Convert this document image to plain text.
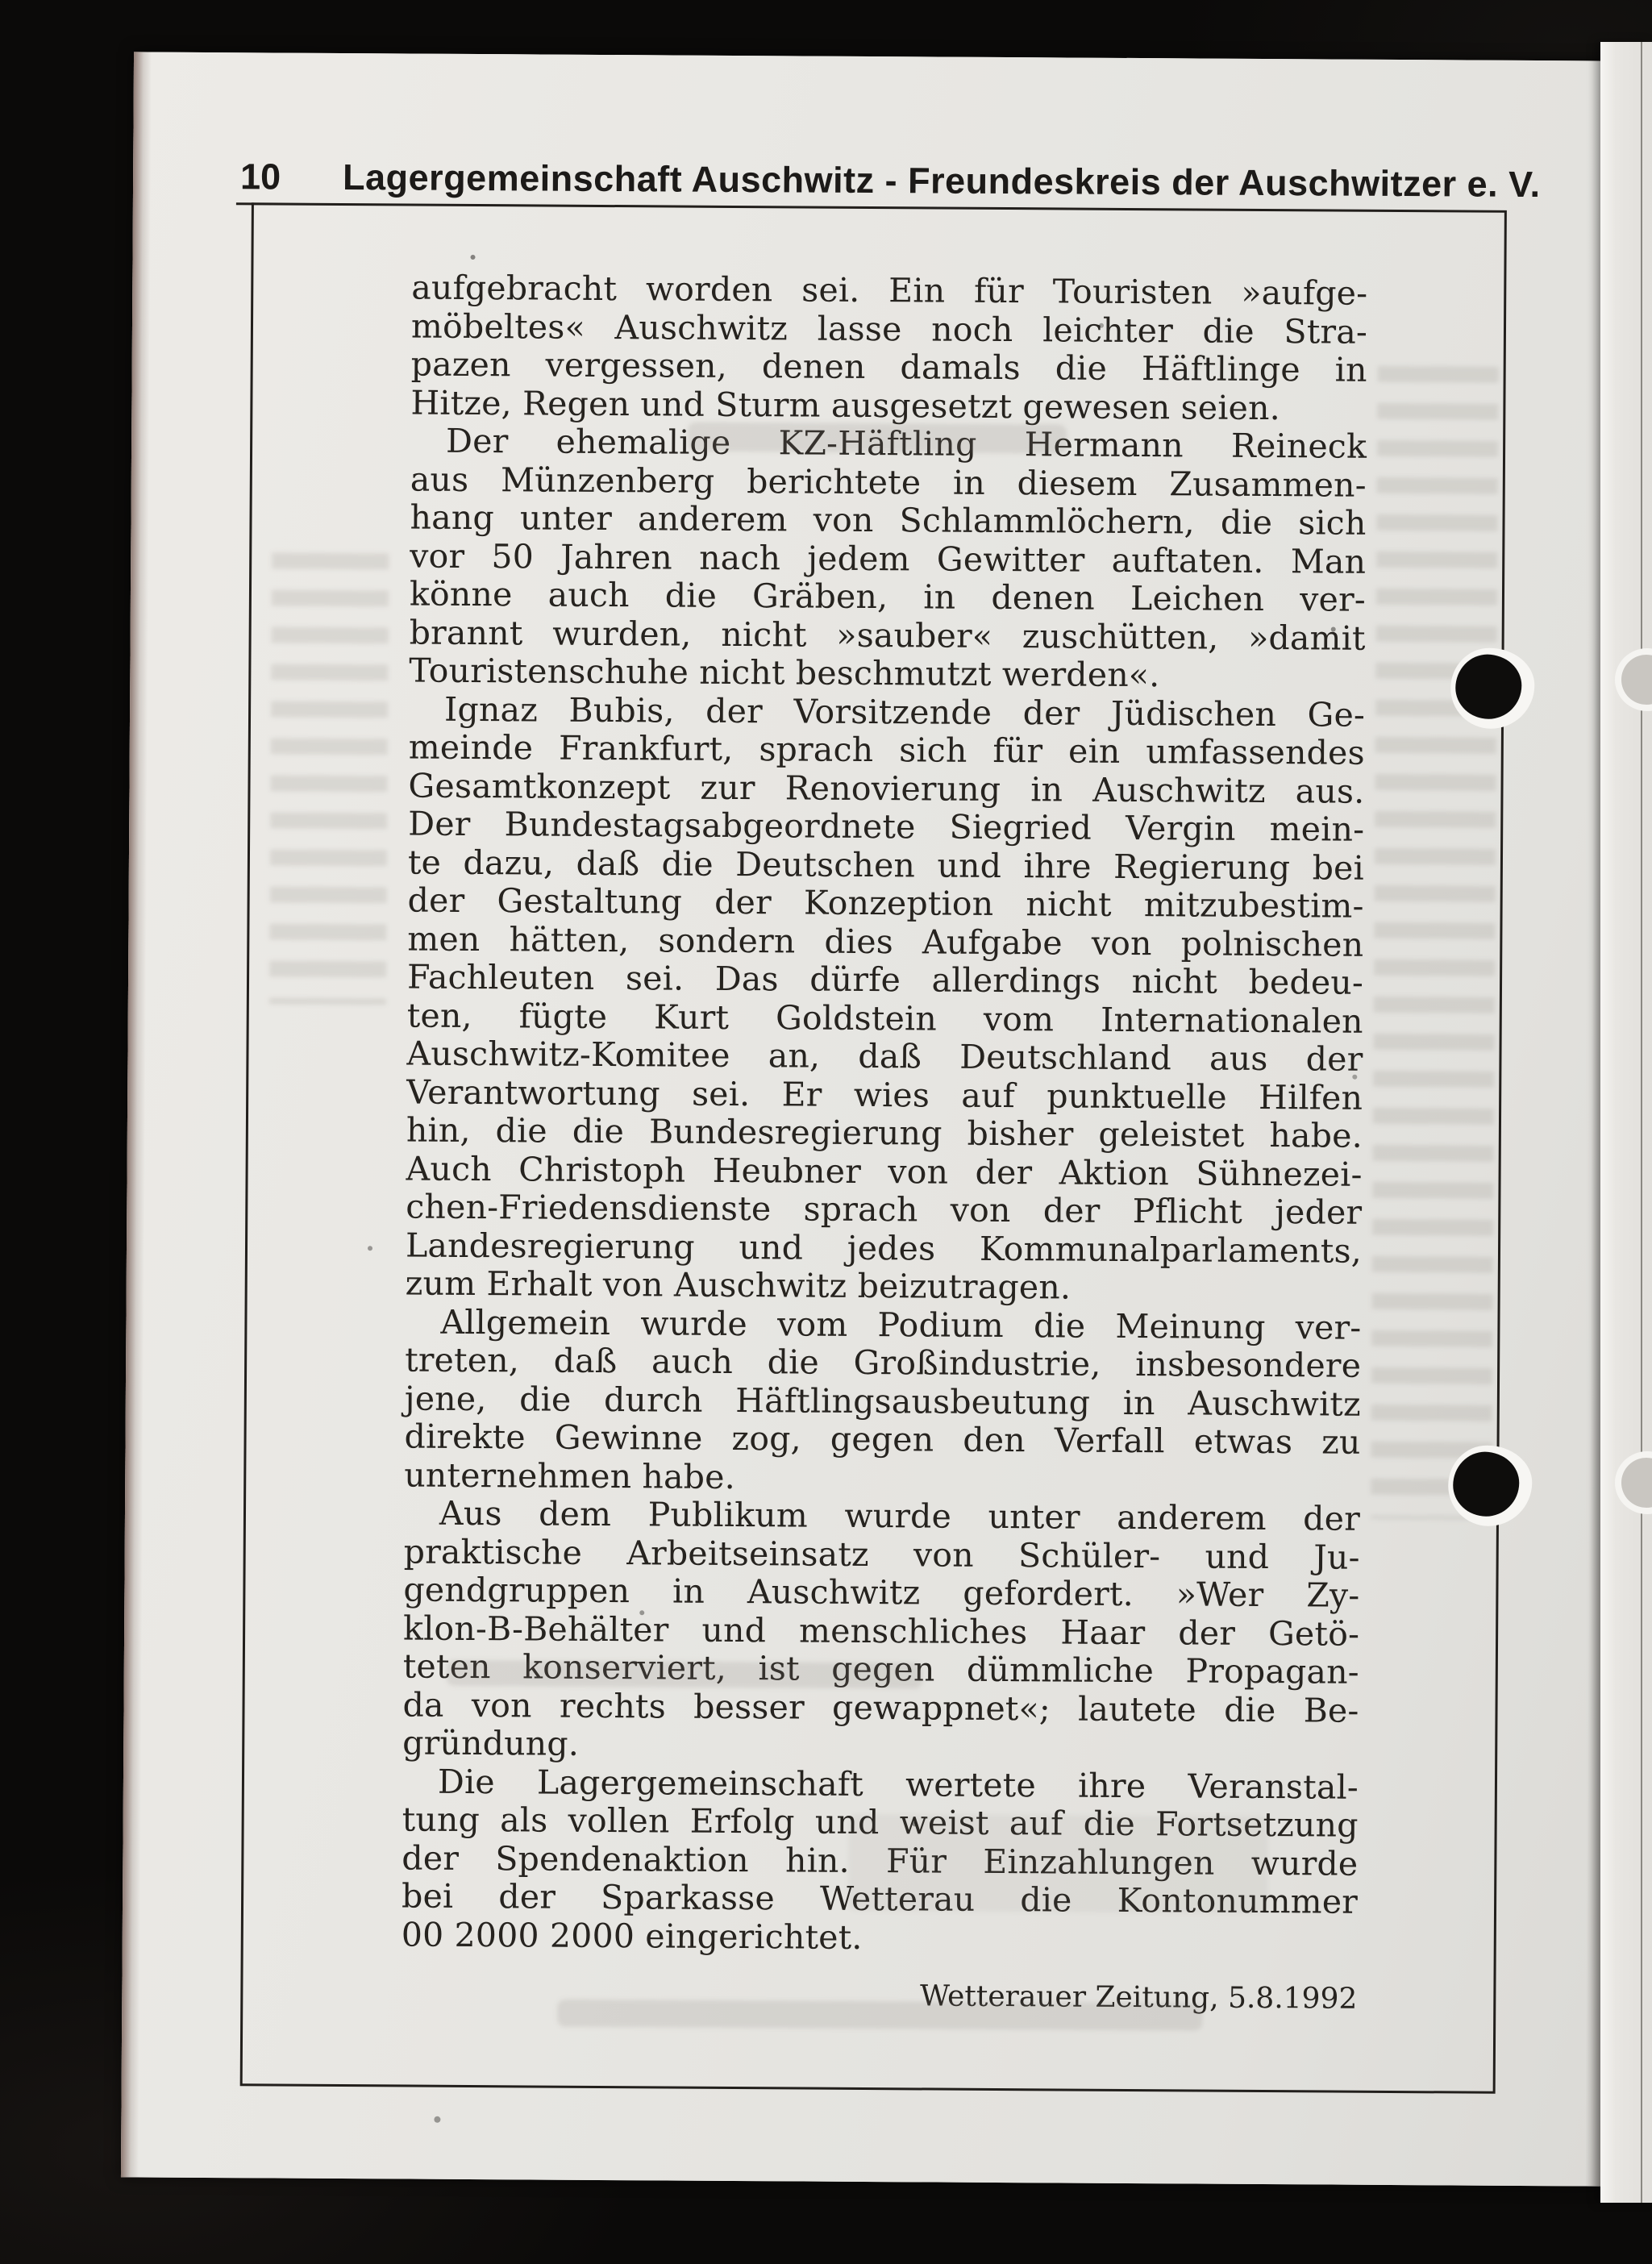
10 Lagergemeinschaft Auschwitz - Freundeskreis der Auschwitzer e. V.
aufgebracht worden sei. Ein für Touristen »aufge-
möbeltes« Auschwitz lasse noch leichter die Stra-
pazen vergessen, denen damals die Häftlinge in
Hitze, Regen und Sturm ausgesetzt gewesen seien.
Der ehemalige KZ-Häftling Hermann Reineck
aus Münzenberg berichtete in diesem Zusammen-
hang unter anderem von Schlammlöchern, die sich
vor 50 Jahren nach jedem Gewitter auftaten. Man
könne auch die Gräben, in denen Leichen ver-
brannt wurden, nicht »sauber« zuschütten, »damit
Touristenschuhe nicht beschmutzt werden«.
Ignaz Bubis, der Vorsitzende der Jüdischen Ge-
meinde Frankfurt, sprach sich für ein umfassendes
Gesamtkonzept zur Renovierung in Auschwitz aus.
Der Bundestagsabgeordnete Siegried Vergin mein-
te dazu, daß die Deutschen und ihre Regierung bei
der Gestaltung der Konzeption nicht mitzubestim-
men hätten, sondern dies Aufgabe von polnischen
Fachleuten sei. Das dürfe allerdings nicht bedeu-
ten, fügte Kurt Goldstein vom Internationalen
Auschwitz-Komitee an, daß Deutschland aus der
Verantwortung sei. Er wies auf punktuelle Hilfen
hin, die die Bundesregierung bisher geleistet habe.
Auch Christoph Heubner von der Aktion Sühnezei-
chen-Friedensdienste sprach von der Pflicht jeder
Landesregierung und jedes Kommunalparlaments,
zum Erhalt von Auschwitz beizutragen.
Allgemein wurde vom Podium die Meinung ver-
treten, daß auch die Großindustrie, insbesondere
jene, die durch Häftlingsausbeutung in Auschwitz
direkte Gewinne zog, gegen den Verfall etwas zu
unternehmen habe.
Aus dem Publikum wurde unter anderem der
praktische Arbeitseinsatz von Schüler- und Ju-
gendgruppen in Auschwitz gefordert. »Wer Zy-
klon-B-Behälter und menschliches Haar der Getö-
teten konserviert, ist gegen dümmliche Propagan-
da von rechts besser gewappnet«; lautete die Be-
gründung.
Die Lagergemeinschaft wertete ihre Veranstal-
tung als vollen Erfolg und weist auf die Fortsetzung
der Spendenaktion hin. Für Einzahlungen wurde
bei der Sparkasse Wetterau die Kontonummer
00 2000 2000 eingerichtet.
Wetterauer Zeitung, 5.8.1992
